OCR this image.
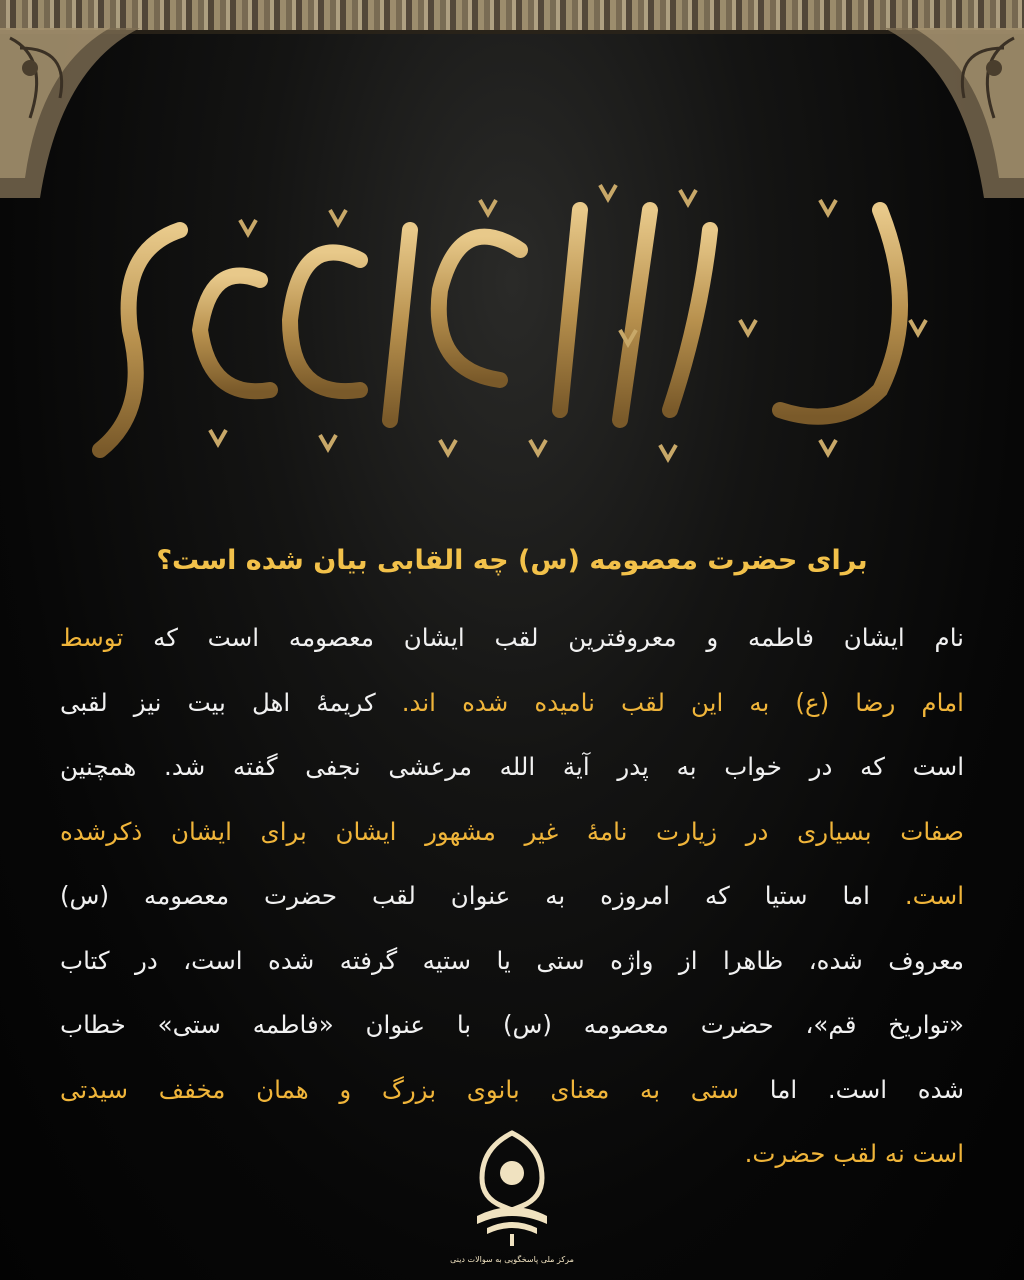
برای حضرت معصومه (س) چه القابی بیان شده است؟
نام ایشان فاطمه و معروفترین لقب ایشان معصومه است که توسط
امام رضا (ع) به این لقب نامیده شده اند. کریمهٔ اهل بیت نیز لقبی
است که در خواب به پدر آیة الله مرعشی نجفی گفته شد. همچنین
صفات بسیاری در زیارت نامهٔ غیر مشهور ایشان برای ایشان ذکرشده
است. اما ستیا که امروزه به عنوان لقب حضرت معصومه (س)
معروف شده، ظاهرا از واژه ستی یا ستیه گرفته شده است، در کتاب
«تواریخ قم»، حضرت معصومه (س) با عنوان «فاطمه ستی» خطاب
شده است. اما ستی به معنای بانوی بزرگ و همان مخفف سیدتی
است نه لقب حضرت.
مرکز ملی پاسخگویی به سوالات دینی
